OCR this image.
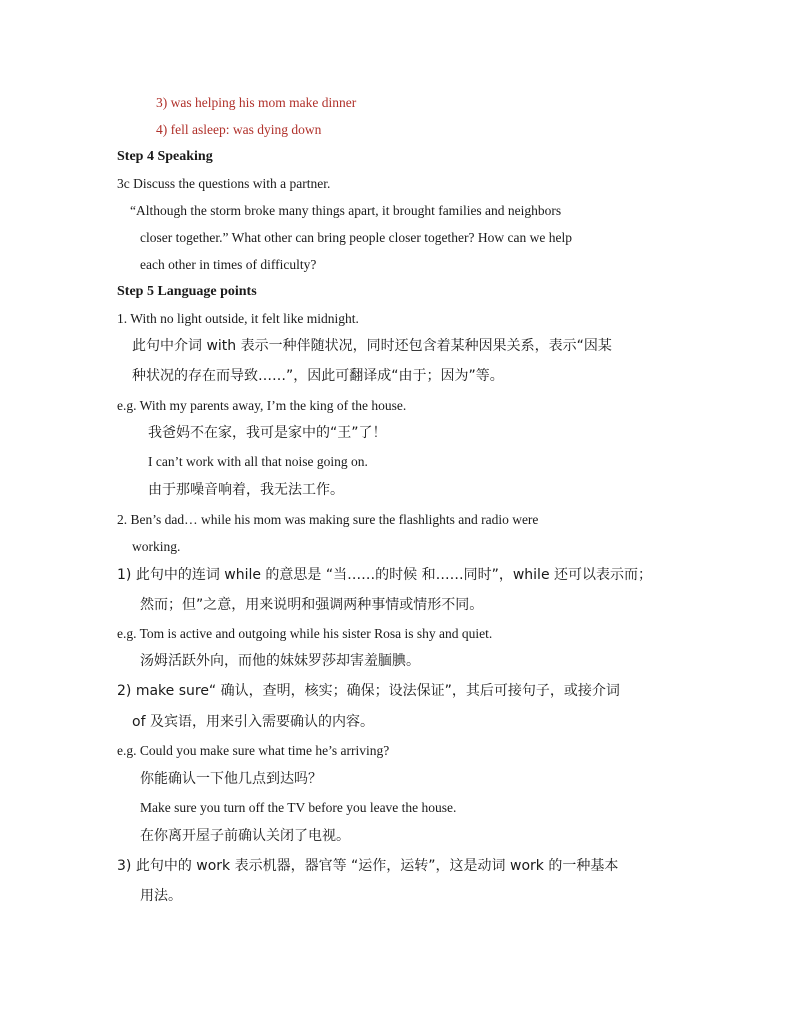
3) was helping his mom make dinner
4) fell asleep: was dying down
Step 4 Speaking
3c Discuss the questions with a partner.
“Although the storm broke many things apart, it brought families and neighbors
closer together.” What other can bring people closer together? How can we help
each other in times of difficulty?
Step 5 Language points
1. With no light outside, it felt like midnight.
此句中介词 with 表示一种伴随状况，同时还包含着某种因果关系，表示“因某
种状况的存在而导致……”，因此可翻译成“由于；因为”等。
e.g. With my parents away, I’m the king of the house.
我爸妈不在家，我可是家中的“王”了！
I can’t work with all that noise going on.
由于那噪音响着，我无法工作。
2. Ben’s dad… while his mom was making sure the flashlights and radio were
working.
1) 此句中的连词 while 的意思是 “当……的时候 和……同时”，while 还可以表示而；
然而；但”之意，用来说明和强调两种事情或情形不同。
e.g. Tom is active and outgoing while his sister Rosa is shy and quiet.
汤姆活跃外向，而他的妹妹罗莎却害羞腼腆。
2) make sure“ 确认，查明，核实；确保；设法保证”，其后可接句子，或接介词
of 及宾语，用来引入需要确认的内容。
e.g. Could you make sure what time he’s arriving?
你能确认一下他几点到达吗？
Make sure you turn off the TV before you leave the house.
在你离开屋子前确认关闭了电视。
3) 此句中的 work 表示机器，器官等 “运作，运转”，这是动词 work 的一种基本
用法。
